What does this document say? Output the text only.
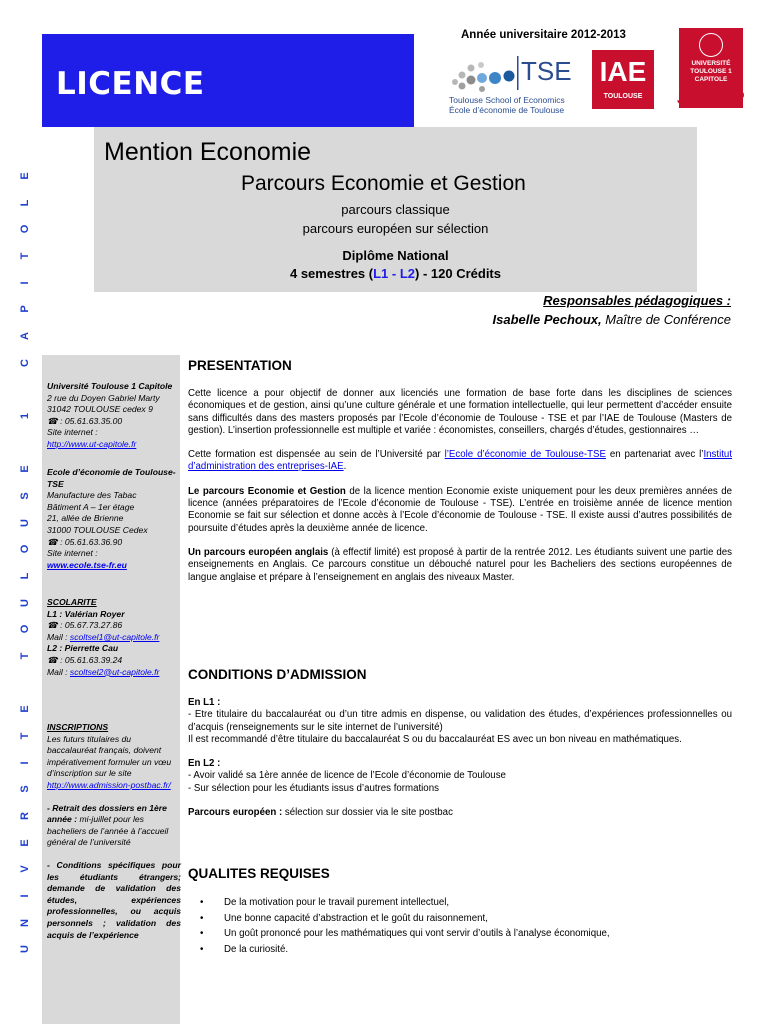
U
N
I
V
E
R
S
I
T
E
T
O
U
L
O
U
S
E
1
C
A
P
I
T
O
L
E
LICENCE
Année universitaire 2012-2013
TSE
Toulouse School of Economics
École d’économie de Toulouse
IAE
TOULOUSE
UNIVERSITÉ
TOULOUSE 1
CAPITOLE
SUIO-IP
Mention Economie
Parcours Economie et Gestion
parcours classique
parcours européen sur sélection
Diplôme National
4 semestres (L1 - L2) - 120 Crédits
Responsables pédagogiques :
Isabelle Pechoux, Maître de Conférence

Université Toulouse 1 Capitole

2 rue du Doyen Gabriel Marty

31042 TOULOUSE cedex 9

☎ : 05.61.63.35.00

Site internet :

http://www.ut-capitole.fr

Ecole d’économie de Toulouse-TSE

Manufacture des Tabac

Bâtiment A – 1er étage

21, allée de Brienne

31000 TOULOUSE Cedex

☎ : 05.61.63.36.90

Site internet :

www.ecole.tse-fr.eu

SCOLARITE

L1 : Valérian Royer

☎ : 05.67.73.27.86

Mail : scoltsel1@ut-capitole.fr

L2 : Pierrette Cau

☎ : 05.61.63.39.24

Mail : scoltsel2@ut-capitole.fr

INSCRIPTIONS

Les futurs titulaires du baccalauréat français, doivent impérativement formuler un vœu d’inscription sur le site

http://www.admission-postbac.fr/

- Retrait des dossiers en 1ère année : mi-juillet pour les bacheliers de l’année à l’accueil général de l’université

- Conditions spécifiques pour les étudiants étrangers; demande de validation des études, expériences professionnelles, ou acquis personnels ; validation des acquis de l’expérience

PRESENTATION

Cette licence a pour objectif de donner aux licenciés une formation de base forte dans les disciplines de sciences économiques et de gestion, ainsi qu’une culture générale et une formation intellectuelle, qui leur permettent d’accéder ensuite sans difficultés dans des masters proposés par l’Ecole d’économie de Toulouse - TSE et par l’IAE de Toulouse (Masters de gestion). L’insertion professionnelle est multiple et variée : économistes, conseillers, chargés d’études, gestionnaires …

Cette formation est dispensée au sein de l’Université par l’Ecole d’économie de Toulouse-TSE en partenariat avec l’Institut d’administration des entreprises-IAE.

Le parcours Economie et Gestion de la licence mention Economie existe uniquement pour les deux premières années de licence (années préparatoires de l’Ecole d’économie de Toulouse - TSE). L’entrée en troisième année de licence mention Economie se fait sur sélection et donne accès à l’Ecole d’économie de Toulouse - TSE. Il existe aussi d’autres possibilités de poursuite d’études après la deuxième année de licence.

Un parcours européen anglais (à effectif limité) est proposé à partir de la rentrée 2012. Les étudiants suivent une partie des enseignements en Anglais. Ce parcours constitue un débouché naturel pour les Bacheliers des sections européennes de langue anglaise et prépare à l’enseignement en anglais des niveaux Master.

CONDITIONS D’ADMISSION

En L1 :

- Etre titulaire du baccalauréat ou d’un titre admis en dispense, ou validation des études, d’expériences professionnelles ou d’acquis (renseignements sur le site internet de l’université)

Il est recommandé d’être titulaire du baccalauréat S ou du baccalauréat ES avec un bon niveau en mathématiques.

En L2 :

- Avoir validé sa 1ère année de licence de l’Ecole d’économie de Toulouse

- Sur sélection pour les étudiants issus d’autres formations

Parcours européen : sélection sur dossier via le site postbac

QUALITES REQUISES
• De la motivation pour le travail purement intellectuel,
• Une bonne capacité d’abstraction et le goût du raisonnement,
• Un goût prononcé pour les mathématiques qui vont servir d’outils à l’analyse économique,
• De la curiosité.
